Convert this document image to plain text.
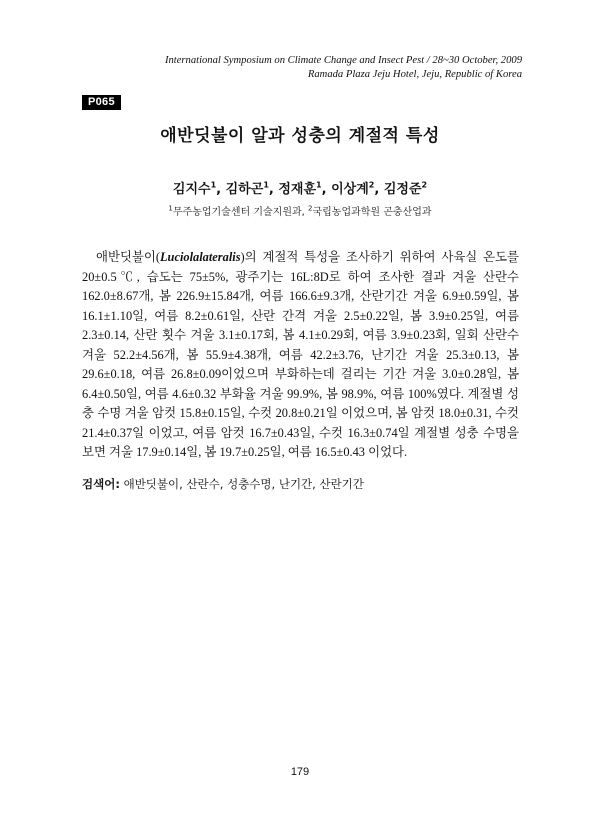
International Symposium on Climate Change and Insect Pest / 28~30 October, 2009
Ramada Plaza Jeju Hotel, Jeju, Republic of Korea
P065
애반딧불이 알과 성충의 계절적 특성
김지수$^1$, 김하곤$^1$, 정재훈$^1$, 이상계$^2$, 김정준$^2$
$^1$무주농업기술센터 기술지원과, $^2$국립농업과학원 곤충산업과

애반딧불이(Luciolalateralis)의 계절적 특성을 조사하기 위하여 사육실 온도를 20±0.5℃, 습도는 75±5%, 광주기는 16L:8D로 하여 조사한 결과 겨울 산란수 162.0±8.67개, 봄 226.9±15.84개, 여름 166.6±9.3개, 산란기간 겨울 6.9±0.59일, 봄 16.1±1.10일, 여름 8.2±0.61일, 산란 간격 겨울 2.5±0.22일, 봄 3.9±0.25일, 여름 2.3±0.14, 산란 횟수 겨울 3.1±0.17회, 봄 4.1±0.29회, 여름 3.9±0.23회, 일회 산란수 겨울 52.2±4.56개, 봄 55.9±4.38개, 여름 42.2±3.76, 난기간 겨울 25.3±0.13, 봄 29.6±0.18, 여름 26.8±0.09이었으며 부화하는데 걸리는 기간 겨울 3.0±0.28일, 봄 6.4±0.50일, 여름 4.6±0.32 부화율 겨울 99.9%, 봄 98.9%, 여름 100%였다. 계절별 성충 수명 겨울 암컷 15.8±0.15일, 수컷 20.8±0.21일 이었으며, 봄 암컷 18.0±0.31, 수컷 21.4±0.37일 이었고, 여름 암컷 16.7±0.43일, 수컷 16.3±0.74일 계절별 성충 수명을 보면 겨울 17.9±0.14일, 봄 19.7±0.25일, 여름 16.5±0.43 이었다.

검색어: 애반딧불이, 산란수, 성충수명, 난기간, 산란기간
179
